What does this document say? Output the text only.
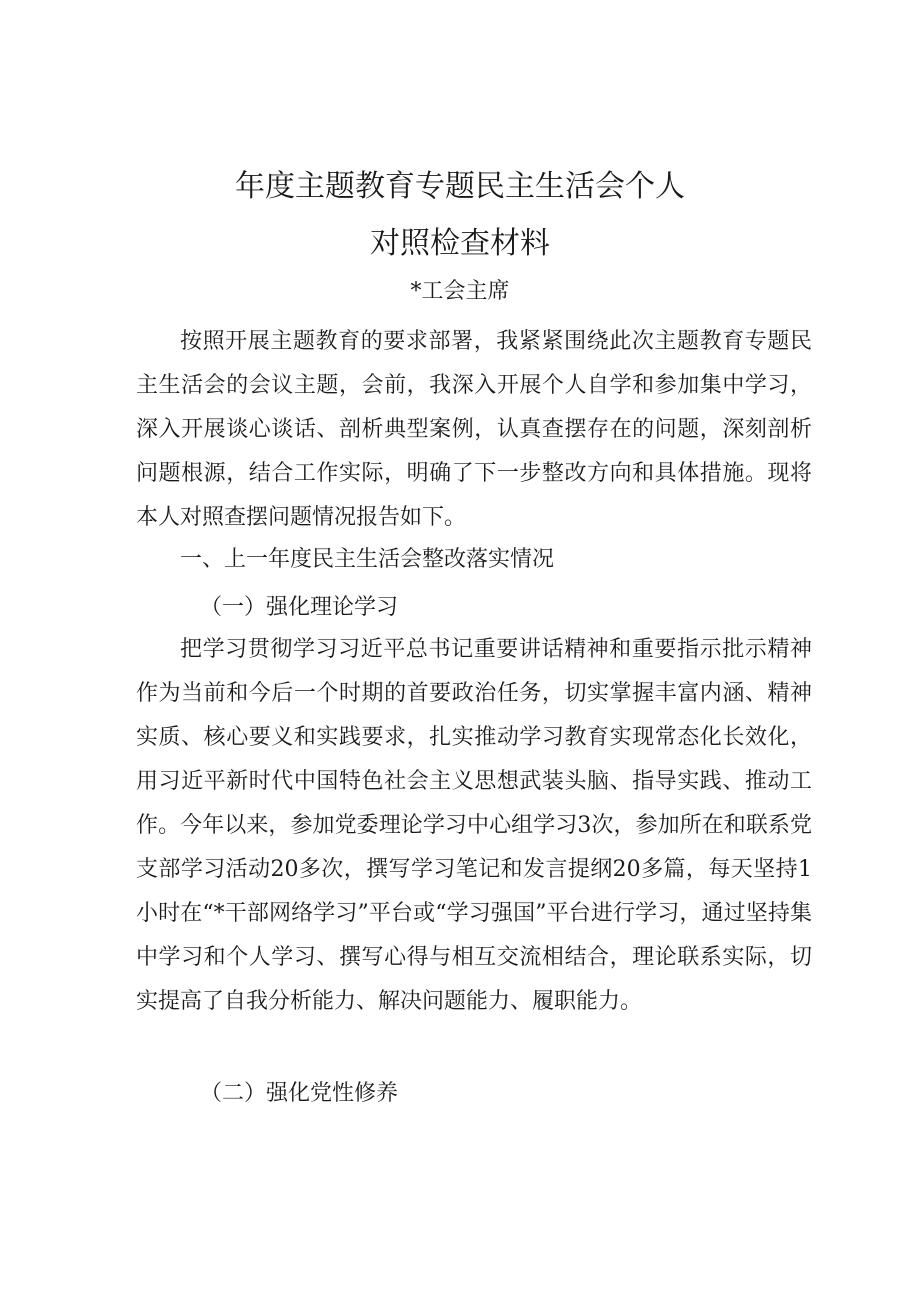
年度主题教育专题民主生活会个人
对照检查材料
*工会主席

按照开展主题教育的要求部署，我紧紧围绕此次主题教育专题民主生活会的会议主题，会前，我深入开展个人自学和参加集中学习，深入开展谈心谈话、剖析典型案例，认真查摆存在的问题，深刻剖析问题根源，结合工作实际，明确了下一步整改方向和具体措施。现将本人对照查摆问题情况报告如下。

一、上一年度民主生活会整改落实情况
（一）强化理论学习

把学习贯彻学习习近平总书记重要讲话精神和重要指示批示精神作为当前和今后一个时期的首要政治任务，切实掌握丰富内涵、精神实质、核心要义和实践要求，扎实推动学习教育实现常态化长效化，用习近平新时代中国特色社会主义思想武装头脑、指导实践、推动工作。今年以来，参加党委理论学习中心组学习3次，参加所在和联系党支部学习活动20多次，撰写学习笔记和发言提纲20多篇，每天坚持1小时在“*干部网络学习”平台或“学习强国”平台进行学习，通过坚持集中学习和个人学习、撰写心得与相互交流相结合，理论联系实际，切实提高了自我分析能力、解决问题能力、履职能力。

（二）强化党性修养
